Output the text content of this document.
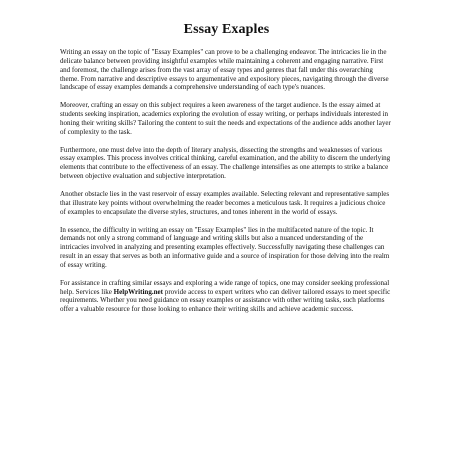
Essay Exaples

Writing an essay on the topic of "Essay Examples" can prove to be a challenging endeavor. The intricacies lie in the delicate balance between providing insightful examples while maintaining a coherent and engaging narrative. First and foremost, the challenge arises from the vast array of essay types and genres that fall under this overarching theme. From narrative and descriptive essays to argumentative and expository pieces, navigating through the diverse landscape of essay examples demands a comprehensive understanding of each type's nuances.

Moreover, crafting an essay on this subject requires a keen awareness of the target audience. Is the essay aimed at students seeking inspiration, academics exploring the evolution of essay writing, or perhaps individuals interested in honing their writing skills? Tailoring the content to suit the needs and expectations of the audience adds another layer of complexity to the task.

Furthermore, one must delve into the depth of literary analysis, dissecting the strengths and weaknesses of various essay examples. This process involves critical thinking, careful examination, and the ability to discern the underlying elements that contribute to the effectiveness of an essay. The challenge intensifies as one attempts to strike a balance between objective evaluation and subjective interpretation.

Another obstacle lies in the vast reservoir of essay examples available. Selecting relevant and representative samples that illustrate key points without overwhelming the reader becomes a meticulous task. It requires a judicious choice of examples to encapsulate the diverse styles, structures, and tones inherent in the world of essays.

In essence, the difficulty in writing an essay on "Essay Examples" lies in the multifaceted nature of the topic. It demands not only a strong command of language and writing skills but also a nuanced understanding of the intricacies involved in analyzing and presenting examples effectively. Successfully navigating these challenges can result in an essay that serves as both an informative guide and a source of inspiration for those delving into the realm of essay writing.

For assistance in crafting similar essays and exploring a wide range of topics, one may consider seeking professional help. Services like HelpWriting.net provide access to expert writers who can deliver tailored essays to meet specific requirements. Whether you need guidance on essay examples or assistance with other writing tasks, such platforms offer a valuable resource for those looking to enhance their writing skills and achieve academic success.
